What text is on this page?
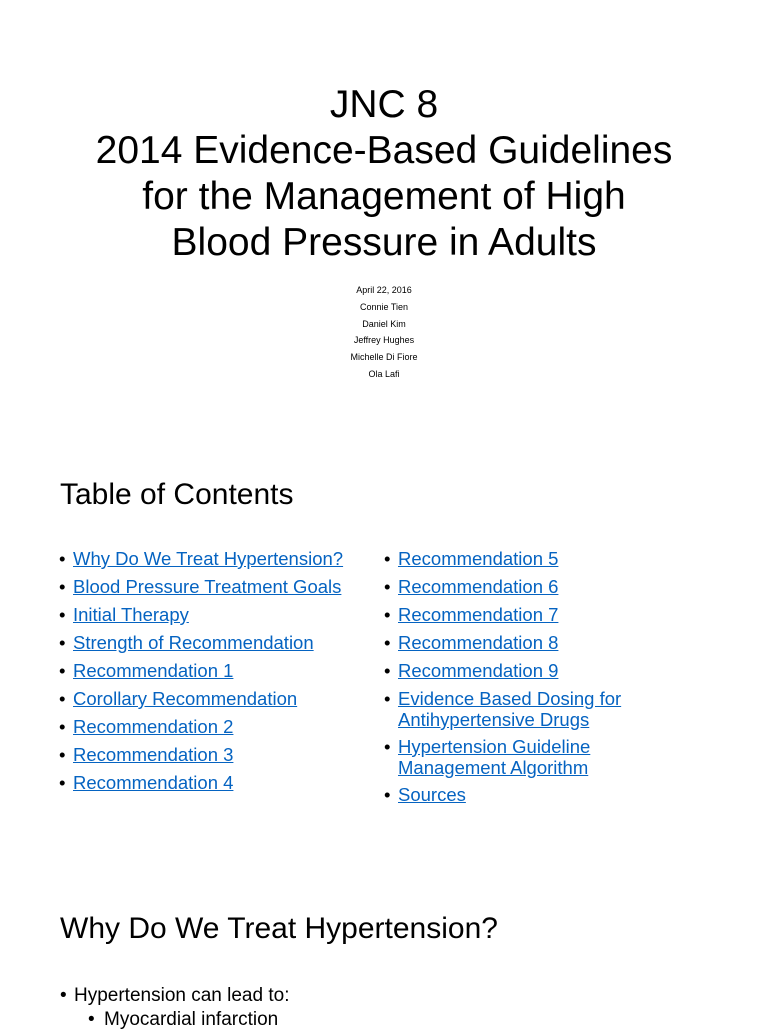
JNC 8
2014 Evidence-Based Guidelines
for the Management of High
Blood Pressure in Adults
April 22, 2016
Connie Tien
Daniel Kim
Jeffrey Hughes
Michelle Di Fiore
Ola Lafi
Table of Contents
• Why Do We Treat Hypertension?
• Blood Pressure Treatment Goals
• Initial Therapy
• Strength of Recommendation
• Recommendation 1
• Corollary Recommendation
• Recommendation 2
• Recommendation 3
• Recommendation 4
• Recommendation 5
• Recommendation 6
• Recommendation 7
• Recommendation 8
• Recommendation 9
• Evidence Based Dosing for
Antihypertensive Drugs
• Hypertension Guideline
Management Algorithm
• Sources
Why Do We Treat Hypertension?
• Hypertension can lead to:
• Myocardial infarction
